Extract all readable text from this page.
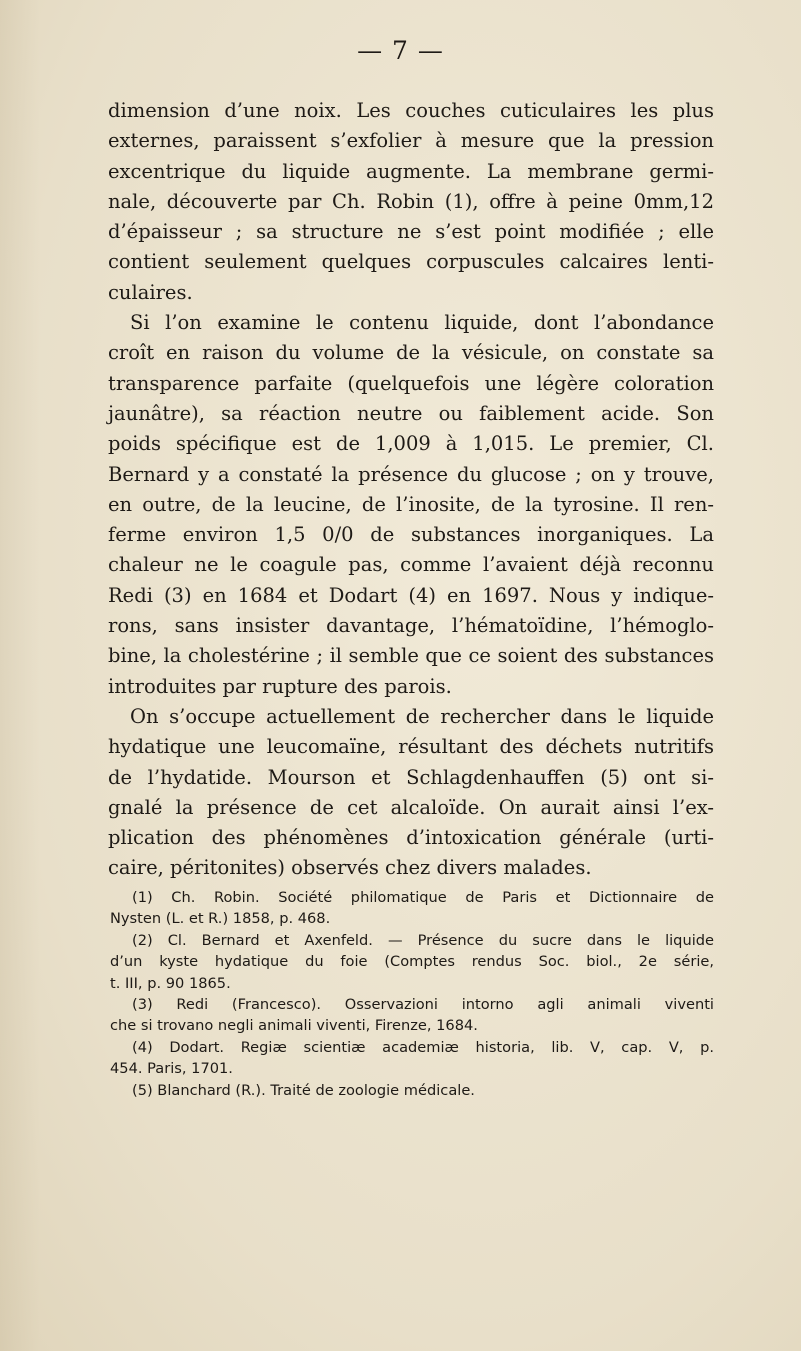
— 7 —
dimension d’une noix. Les couches cuticulaires les plus
externes, paraissent s’exfolier à mesure que la pression
excentrique du liquide augmente. La membrane germi-
nale, découverte par Ch. Robin (1), offre à peine 0mm,12
d’épaisseur ; sa structure ne s’est point modifiée ; elle
contient seulement quelques corpuscules calcaires lenti-
culaires.
Si l’on examine le contenu liquide, dont l’abondance
croît en raison du volume de la vésicule, on constate sa
transparence parfaite (quelquefois une légère coloration
jaunâtre), sa réaction neutre ou faiblement acide. Son
poids spécifique est de 1,009 à 1,015. Le premier, Cl.
Bernard y a constaté la présence du glucose ; on y trouve,
en outre, de la leucine, de l’inosite, de la tyrosine. Il ren-
ferme environ 1,5 0/0 de substances inorganiques. La
chaleur ne le coagule pas, comme l’avaient déjà reconnu
Redi (3) en 1684 et Dodart (4) en 1697. Nous y indique-
rons, sans insister davantage, l’hématoïdine, l’hémoglo-
bine, la cholestérine ; il semble que ce soient des substances
introduites par rupture des parois.
On s’occupe actuellement de rechercher dans le liquide
hydatique une leucomaïne, résultant des déchets nutritifs
de l’hydatide. Mourson et Schlagdenhauffen (5) ont si-
gnalé la présence de cet alcaloïde. On aurait ainsi l’ex-
plication des phénomènes d’intoxication générale (urti-
caire, péritonites) observés chez divers malades.
(1) Ch. Robin. Société philomatique de Paris et Dictionnaire de
Nysten (L. et R.) 1858, p. 468.
(2) Cl. Bernard et Axenfeld. — Présence du sucre dans le liquide
d’un kyste hydatique du foie (Comptes rendus Soc. biol., 2e série,
t. III, p. 90 1865.
(3) Redi (Francesco). Osservazioni intorno agli animali viventi
che si trovano negli animali viventi, Firenze, 1684.
(4) Dodart. Regiæ scientiæ academiæ historia, lib. V, cap. V, p.
454. Paris, 1701.
(5) Blanchard (R.). Traité de zoologie médicale.
